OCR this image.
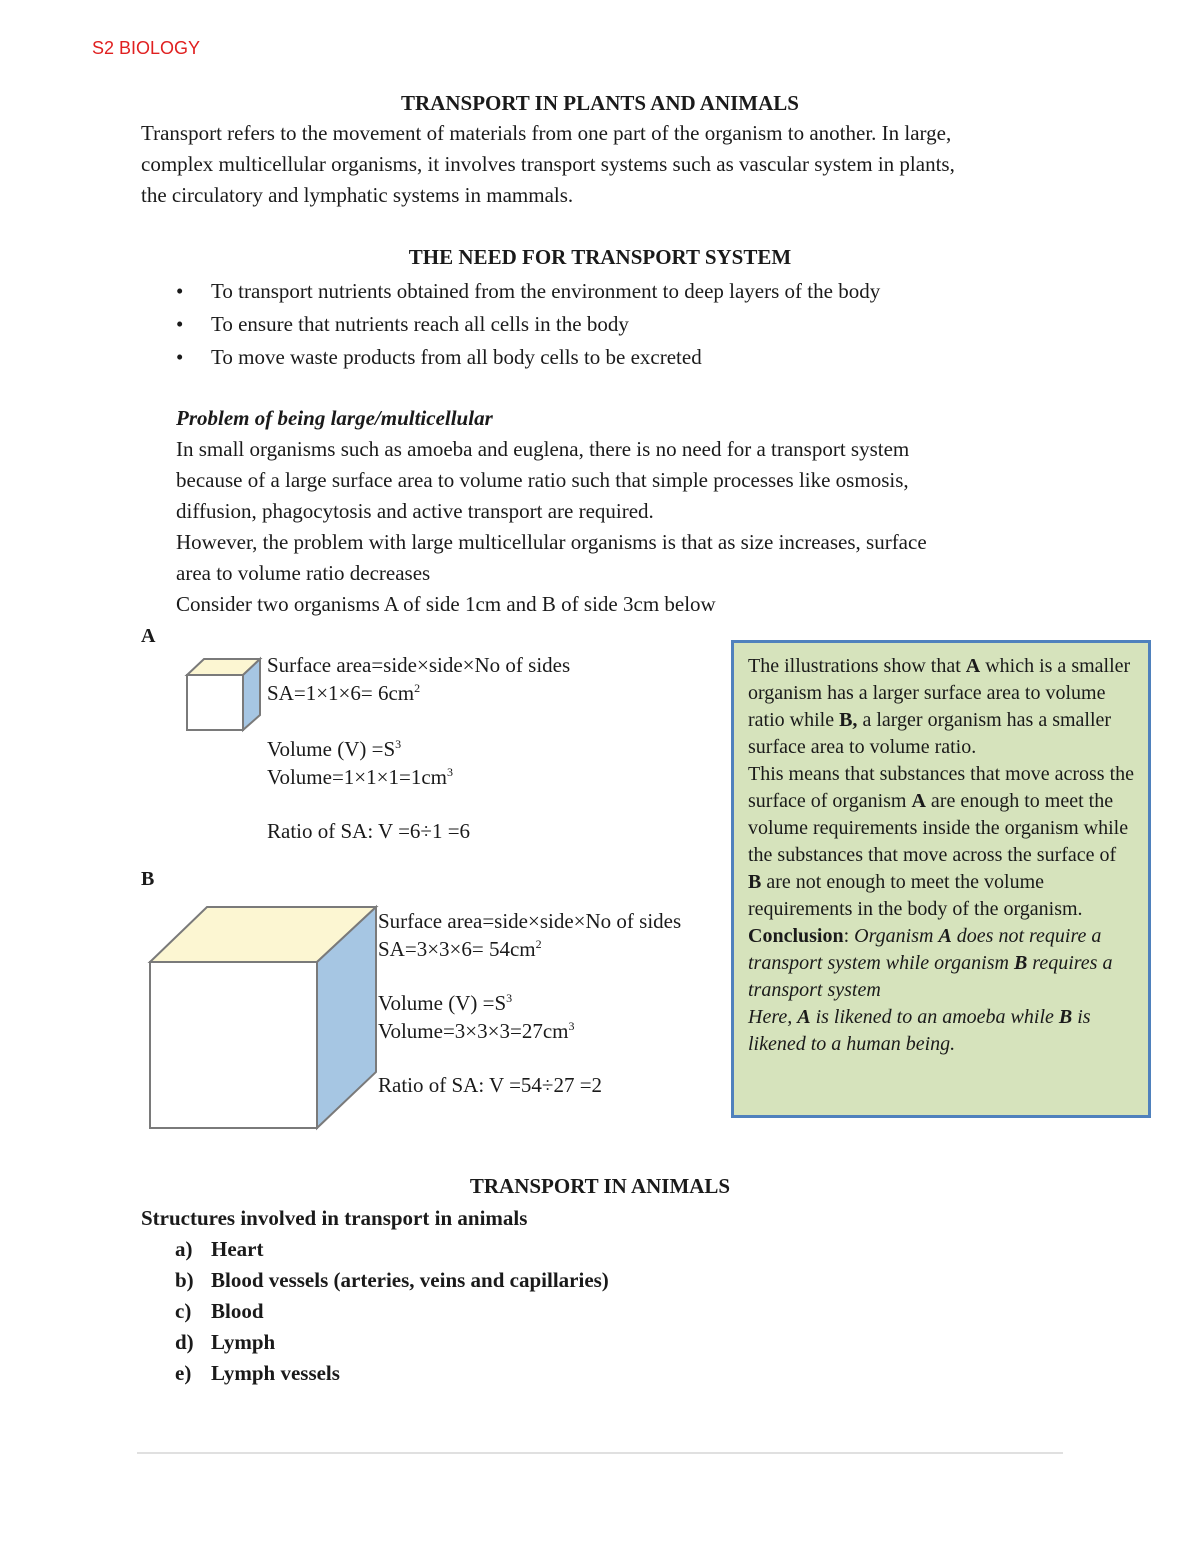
S2 BIOLOGY
TRANSPORT IN PLANTS AND ANIMALS
Transport refers to the movement of materials from one part of the organism to another. In large,
complex multicellular organisms, it involves transport systems such as vascular system in plants,
the circulatory and lymphatic systems in mammals.
THE NEED FOR TRANSPORT SYSTEM
• To transport nutrients obtained from the environment to deep layers of the body
• To ensure that nutrients reach all cells in the body
• To move waste products from all body cells to be excreted
Problem of being large/multicellular
In small organisms such as amoeba and euglena, there is no need for a transport system
because of a large surface area to volume ratio such that simple processes like osmosis,
diffusion, phagocytosis and active transport are required.
However, the problem with large multicellular organisms is that as size increases, surface
area to volume ratio decreases
Consider two organisms A of side 1cm and B of side 3cm below
A

Surface area=side×side×No of sides

$SA=1\times 1\times 6= 6cm^2$

Volume $(V) =S^3$

$Volume=1\times 1\times 1=1cm^3$

Ratio of SA: V =6÷1 =6

B

Surface area=side×side×No of sides

$SA=3\times 3\times 6= 54cm^2$

Volume $(V) =S^3$

$Volume=3\times 3\times 3=27cm^3$

Ratio of SA: V =54÷27 =2

The illustrations show that A which is a smaller organism has a larger surface area to volume ratio while B, a larger organism has a smaller surface area to volume ratio.

This means that substances that move across the surface of organism A are enough to meet the volume requirements inside the organism while the substances that move across the surface of B are not enough to meet the volume requirements in the body of the organism.

Conclusion: Organism A does not require a transport system while organism B requires a transport system

Here, A is likened to an amoeba while B is likened to a human being.

TRANSPORT IN ANIMALS
Structures involved in transport in animals
a) Heart
b) Blood vessels (arteries, veins and capillaries)
c) Blood
d) Lymph
e) Lymph vessels
